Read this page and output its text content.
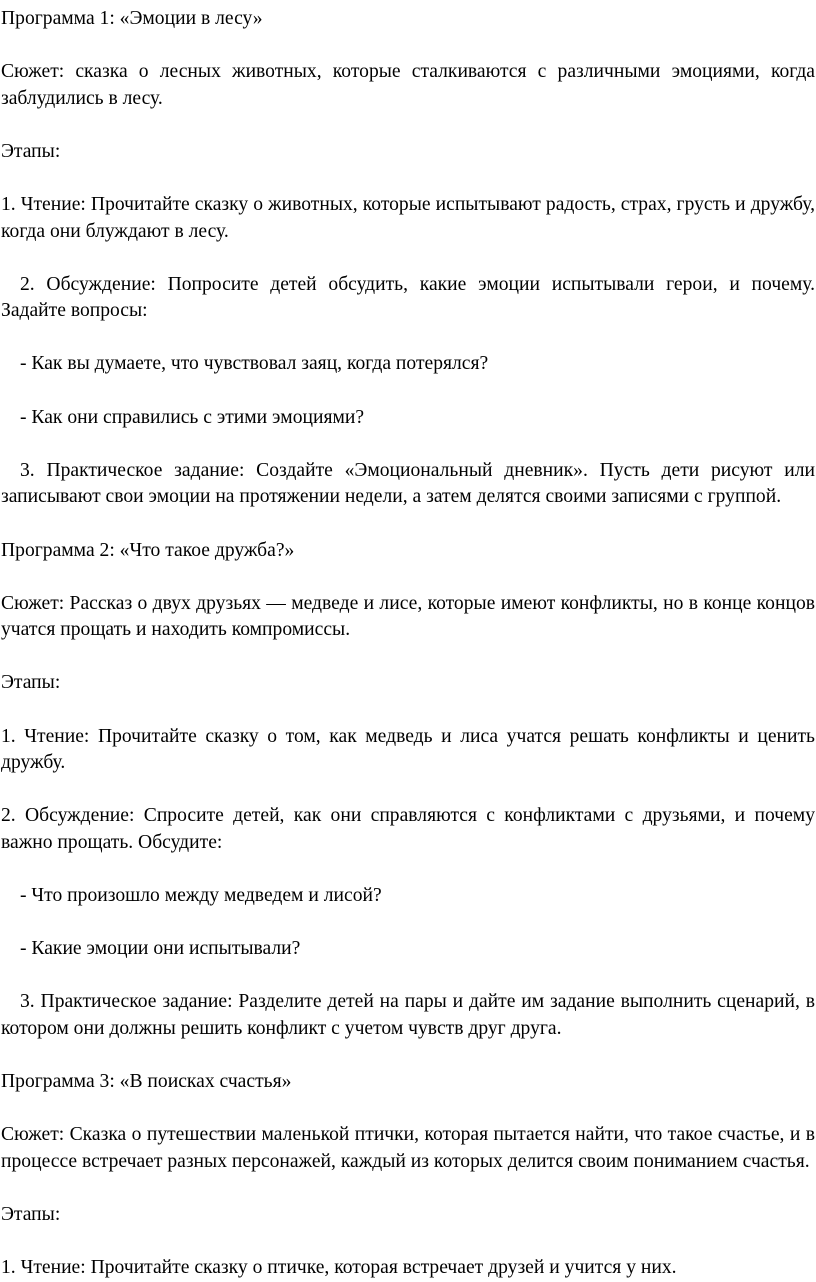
Программа 1: «Эмоции в лесу»

Сюжет: сказка о лесных животных, которые сталкиваются с различными эмоциями, когда заблудились в лесу.

Этапы:

1. Чтение: Прочитайте сказку о животных, которые испытывают радость, страх, грусть и дружбу, когда они блуждают в лесу.

2. Обсуждение: Попросите детей обсудить, какие эмоции испытывали герои, и почему. Задайте вопросы:

- Как вы думаете, что чувствовал заяц, когда потерялся?

- Как они справились с этими эмоциями?

3. Практическое задание: Создайте «Эмоциональный дневник». Пусть дети рисуют или записывают свои эмоции на протяжении недели, а затем делятся своими записями с группой.

Программа 2: «Что такое дружба?»

Сюжет: Рассказ о двух друзьях — медведе и лисе, которые имеют конфликты, но в конце концов учатся прощать и находить компромиссы.

Этапы:

1. Чтение: Прочитайте сказку о том, как медведь и лиса учатся решать конфликты и ценить дружбу.

2. Обсуждение: Спросите детей, как они справляются с конфликтами с друзьями, и почему важно прощать. Обсудите:

- Что произошло между медведем и лисой?

- Какие эмоции они испытывали?

3. Практическое задание: Разделите детей на пары и дайте им задание выполнить сценарий, в котором они должны решить конфликт с учетом чувств друг друга.

Программа 3: «В поисках счастья»

Сюжет: Сказка о путешествии маленькой птички, которая пытается найти, что такое счастье, и в процессе встречает разных персонажей, каждый из которых делится своим пониманием счастья.

Этапы:

1. Чтение: Прочитайте сказку о птичке, которая встречает друзей и учится у них.
